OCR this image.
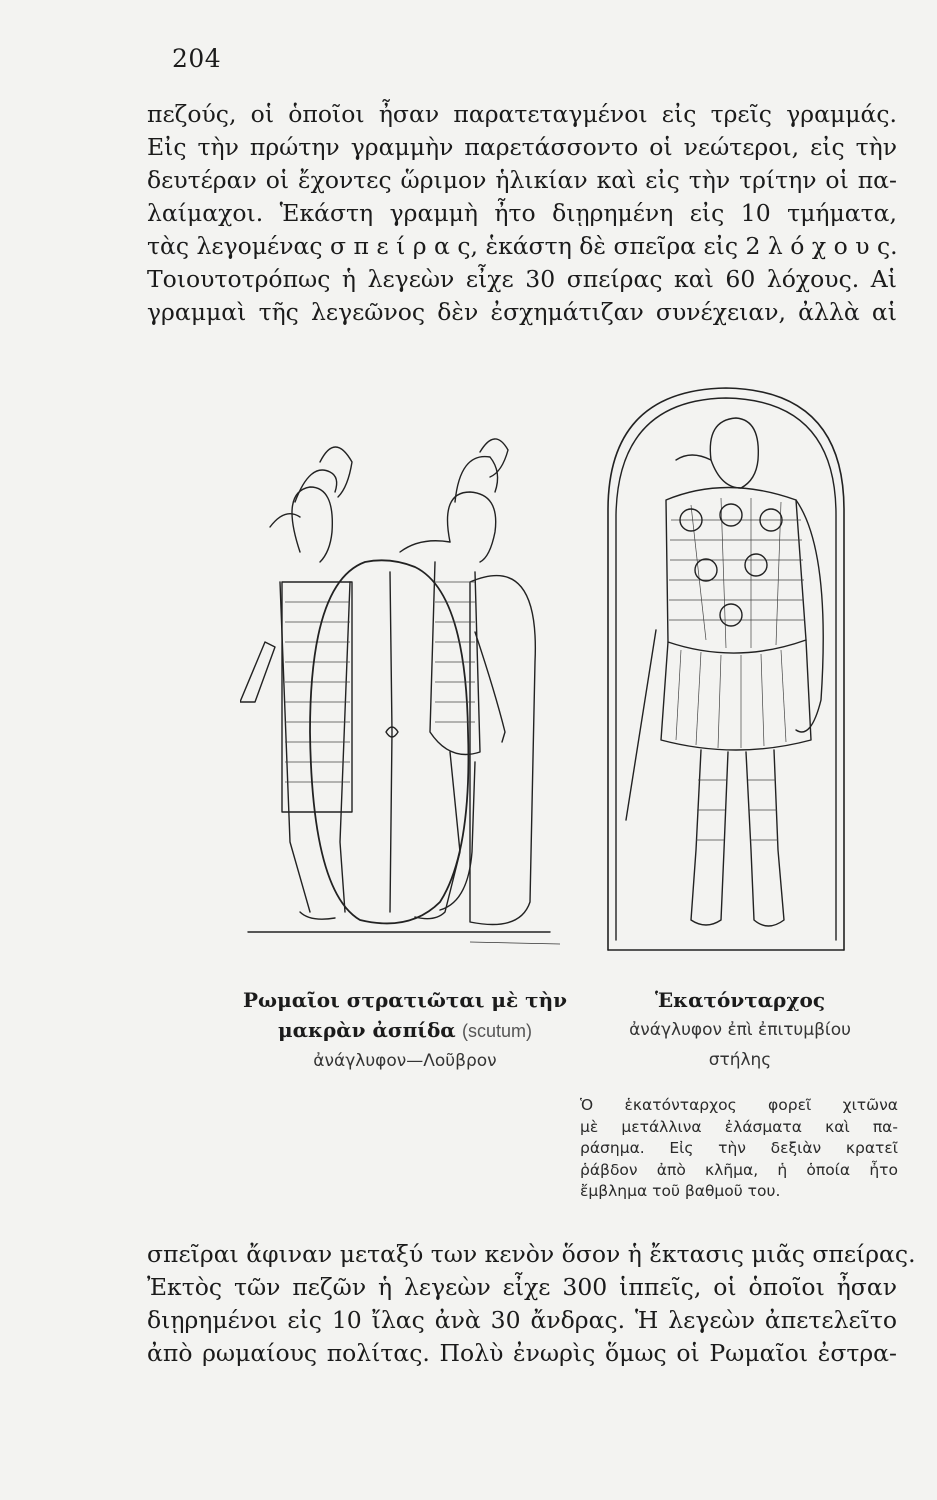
204
πεζούς, οἱ ὁποῖοι ἦσαν παρατεταγμένοι εἰς τρεῖς γραμμάς.
Εἰς τὴν πρώτην γραμμὴν παρετάσσοντο οἱ νεώτεροι, εἰς τὴν
δευτέραν οἱ ἔχοντες ὥριμον ἡλικίαν καὶ εἰς τὴν τρίτην οἱ πα-
λαίμαχοι. Ἑκάστη γραμμὴ ἦτο διῃρημένη εἰς 10 τμήματα,
τὰς λεγομένας σ π ε ί ρ α ς, ἑκάστη δὲ σπεῖρα εἰς 2 λ ό χ ο υ ς.
Τοιουτοτρόπως ἡ λεγεὼν εἶχε 30 σπείρας καὶ 60 λόχους. Αἱ
γραμμαὶ τῆς λεγεῶνος δὲν ἐσχημάτιζαν συνέχειαν, ἀλλὰ αἱ
Ρωμαῖοι στρατιῶται μὲ τὴν
μακρὰν ἀσπίδα (scutum)
ἀνάγλυφον—Λοῦβρον
Ἑκατόνταρχος
ἀνάγλυφον ἐπὶ ἐπιτυμβίου
στήλης
Ὁ ἑκατόνταρχος φορεῖ χιτῶνα
μὲ μετάλλινα ἐλάσματα καὶ πα-
ράσημα. Εἰς τὴν δεξιὰν κρατεῖ
ῥάβδον ἀπὸ κλῆμα, ἡ ὁποία ἦτο
ἔμβλημα τοῦ βαθμοῦ του.
σπεῖραι ἄφιναν μεταξύ των κενὸν ὅσον ἡ ἔκτασις μιᾶς σπείρας.
Ἐκτὸς τῶν πεζῶν ἡ λεγεὼν εἶχε 300 ἱππεῖς, οἱ ὁποῖοι ἦσαν
διῃρημένοι εἰς 10 ἴλας ἀνὰ 30 ἄνδρας. Ἡ λεγεὼν ἀπετελεῖτο
ἀπὸ ρωμαίους πολίτας. Πολὺ ἐνωρὶς ὅμως οἱ Ρωμαῖοι ἐστρα-
